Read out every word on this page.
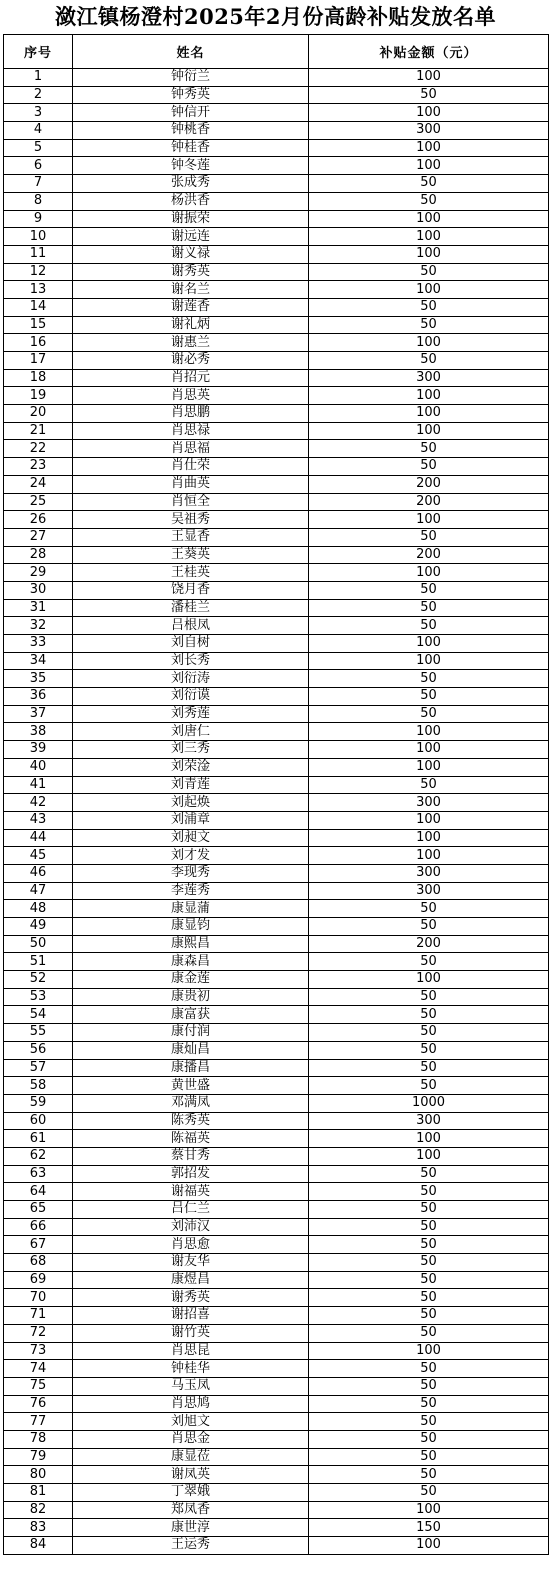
潋江镇杨澄村2025年2月份高龄补贴发放名单
序号	姓名	补贴金额（元）
1	钟衍兰	100
2	钟秀英	50
3	钟信开	100
4	钟桃香	300
5	钟桂香	100
6	钟冬莲	100
7	张成秀	50
8	杨洪香	50
9	谢振荣	100
10	谢远连	100
11	谢义禄	100
12	谢秀英	50
13	谢名兰	100
14	谢莲香	50
15	谢礼炳	50
16	谢惠兰	100
17	谢必秀	50
18	肖招元	300
19	肖思英	100
20	肖思鹏	100
21	肖思禄	100
22	肖思福	50
23	肖仕荣	50
24	肖曲英	200
25	肖恒全	200
26	吴祖秀	100
27	王显香	50
28	王葵英	200
29	王桂英	100
30	饶月香	50
31	潘桂兰	50
32	吕根凤	50
33	刘自树	100
34	刘长秀	100
35	刘衍涛	50
36	刘衍谟	50
37	刘秀莲	50
38	刘唐仁	100
39	刘三秀	100
40	刘荣淦	100
41	刘青莲	50
42	刘起焕	300
43	刘浦章	100
44	刘昶文	100
45	刘才发	100
46	李现秀	300
47	李莲秀	300
48	康显蒲	50
49	康显钧	50
50	康熙昌	200
51	康森昌	50
52	康金莲	100
53	康贵初	50
54	康富获	50
55	康付润	50
56	康灿昌	50
57	康播昌	50
58	黄世盛	50
59	邓满凤	1000
60	陈秀英	300
61	陈福英	100
62	蔡甘秀	100
63	郭招发	50
64	谢福英	50
65	吕仁兰	50
66	刘沛汉	50
67	肖思愈	50
68	谢友华	50
69	康煜昌	50
70	谢秀英	50
71	谢招喜	50
72	谢竹英	50
73	肖思昆	100
74	钟桂华	50
75	马玉凤	50
76	肖思鸠	50
77	刘旭文	50
78	肖思金	50
79	康显莅	50
80	谢凤英	50
81	丁翠娥	50
82	郑凤香	100
83	康世淳	150
84	王运秀	100
